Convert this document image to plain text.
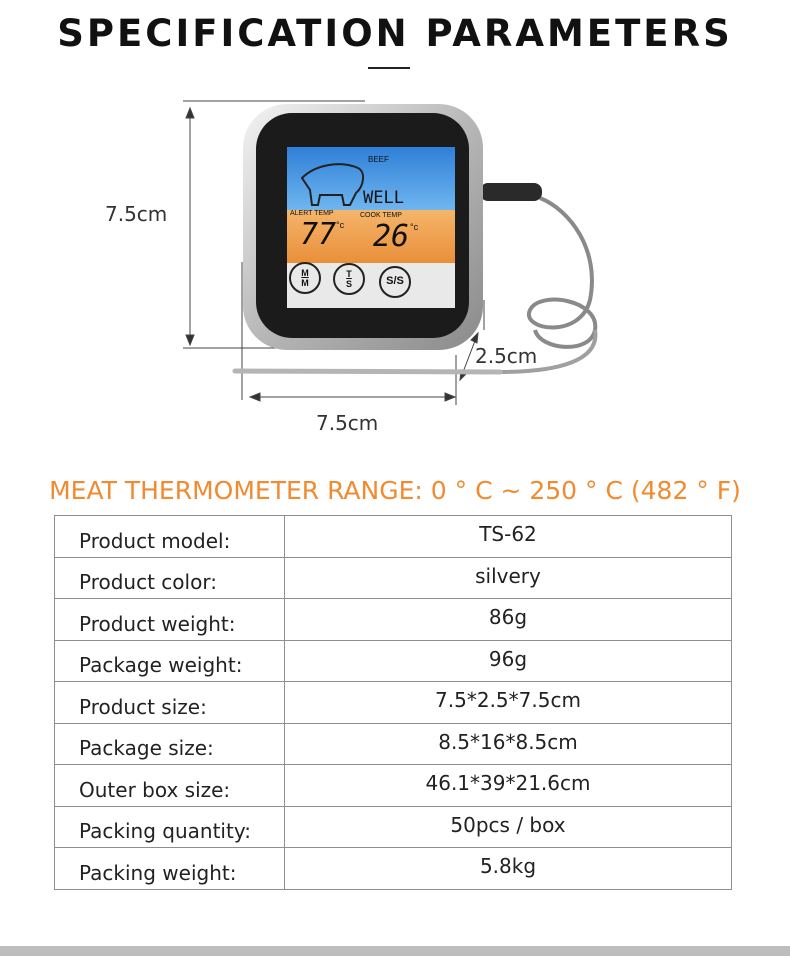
SPECIFICATION PARAMETERS
BEEF
WELL
ALERT TEMP	COOK TEMP
77 °c 26 °c
M
M
T
S	S/S
7.5cm
2.5cm
7.5cm
MEAT THERMOMETER RANGE: 0 ° C ~ 250 ° C (482 ° F)
Product model:	TS-62
Product color:	silvery
Product weight:	86g
Package weight:	96g
Product size:	7.5*2.5*7.5cm
Package size:	8.5*16*8.5cm
Outer box size:	46.1*39*21.6cm
Packing quantity:	50pcs / box
Packing weight:	5.8kg
